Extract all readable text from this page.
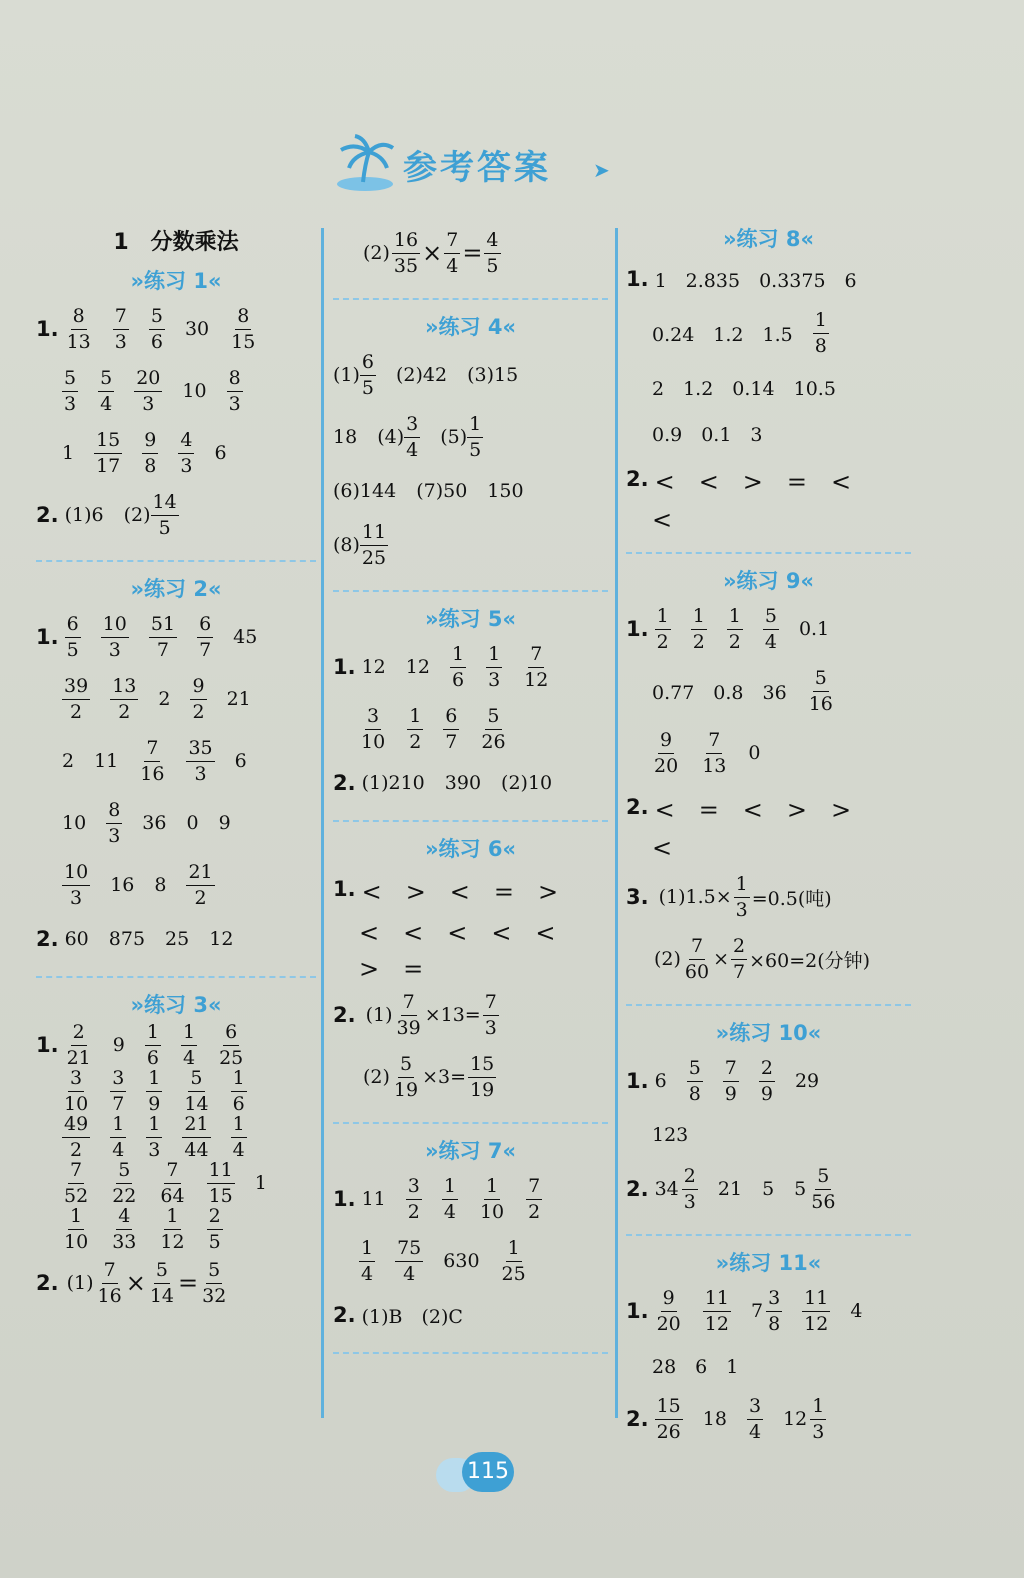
参考答案 ➤
1　分数乘法
»练习 1«
1. $\frac{8}{13} \frac{7}{3} \frac{5}{6} 30 \frac{8}{15}$
$\frac{5}{3} \frac{5}{4} \frac{20}{3} 10 \frac{8}{3}$
$1 \frac{15}{17} \frac{9}{8} \frac{4}{3} 6$
2. (1)6 $(2) \frac{14}{5}$
»练习 2«
1. $\frac{6}{5} \frac{10}{3} \frac{51}{7} \frac{6}{7} 45$
$\frac{39}{2} \frac{13}{2} 2 \frac{9}{2} 21$
2 $11 \frac{7}{16} \frac{35}{3} 6$
$10 \frac{8}{3} 36$ 0 9
$\frac{10}{3} 16$ $8 \frac{21}{2}$
2. 60 875 25 12
»练习 3«
1. $\frac{2}{21} 9 \frac{1}{6} \frac{1}{4} \frac{6}{25}$
$\frac{3}{10} \frac{3}{7} \frac{1}{9} \frac{5}{14} \frac{1}{6}$
$\frac{49}{2} \frac{1}{4} \frac{1}{3} \frac{21}{44} \frac{1}{4}$
$\frac{7}{52} \frac{5}{22} \frac{7}{64} \frac{11}{15} 1$
$\frac{1}{10} \frac{4}{33} \frac{1}{12} \frac{2}{5}$
2. $(1) \frac{7}{16} \times \frac{5}{14} = \frac{5}{32}$
$(2) \frac{16}{35} \times \frac{7}{4} = \frac{4}{5}$
»练习 4«
$(1) \frac{6}{5} (2)42$ (3)15
18 $(4) \frac{3}{4} (5) \frac{1}{5}$
(6)144 (7)50 150
$(8) \frac{11}{25}$
»练习 5«
1. 12 $12 \frac{1}{6} \frac{1}{3} \frac{7}{12}$
$\frac{3}{10} \frac{1}{2} \frac{6}{7} \frac{5}{26}$
2. (1)210 390 (2)10
»练习 6«
1. <　>　<　=　>
<　<　<　<　<
>　=
2. $(1) \frac{7}{39} \times 13= \frac{7}{3}$
$(2) \frac{5}{19} \times 3= \frac{15}{19}$
»练习 7«
1. $11 \frac{3}{2} \frac{1}{4} \frac{1}{10} \frac{7}{2}$
$\frac{1}{4} \frac{75}{4} 630 \frac{1}{25}$
2. (1)B　(2)C
»练习 8«
1. 1　2.835　0.3375　6
0.24　1.2　$1.5 \frac{1}{8}$
2　1.2　0.14　10.5
0.9　0.1　3
2. <　<　>　=　<
<
»练习 9«
1. $\frac{1}{2} \frac{1}{2} \frac{1}{2} \frac{5}{4} 0.1$
0.77　0.8　$36 \frac{5}{16}$
$\frac{9}{20} \frac{7}{13} 0$
2. <　=　<　>　>
<
3. $(1)1.5\times \frac{1}{3} =0.5$(吨)
$(2) \frac{7}{60} \times \frac{2}{7} \times 60=2$(分钟)
»练习 10«
1. $6 \frac{5}{8} \frac{7}{9} \frac{2}{9} 29$
123
2. $34 \frac{2}{3} 21$ 5 $5 \frac{5}{56}$
»练习 11«
1. $\frac{9}{20} \frac{11}{12} 7 \frac{3}{8} \frac{11}{12} 4$
28　6　1
2. $\frac{15}{26} 18 \frac{3}{4} 12 \frac{1}{3}$
115
